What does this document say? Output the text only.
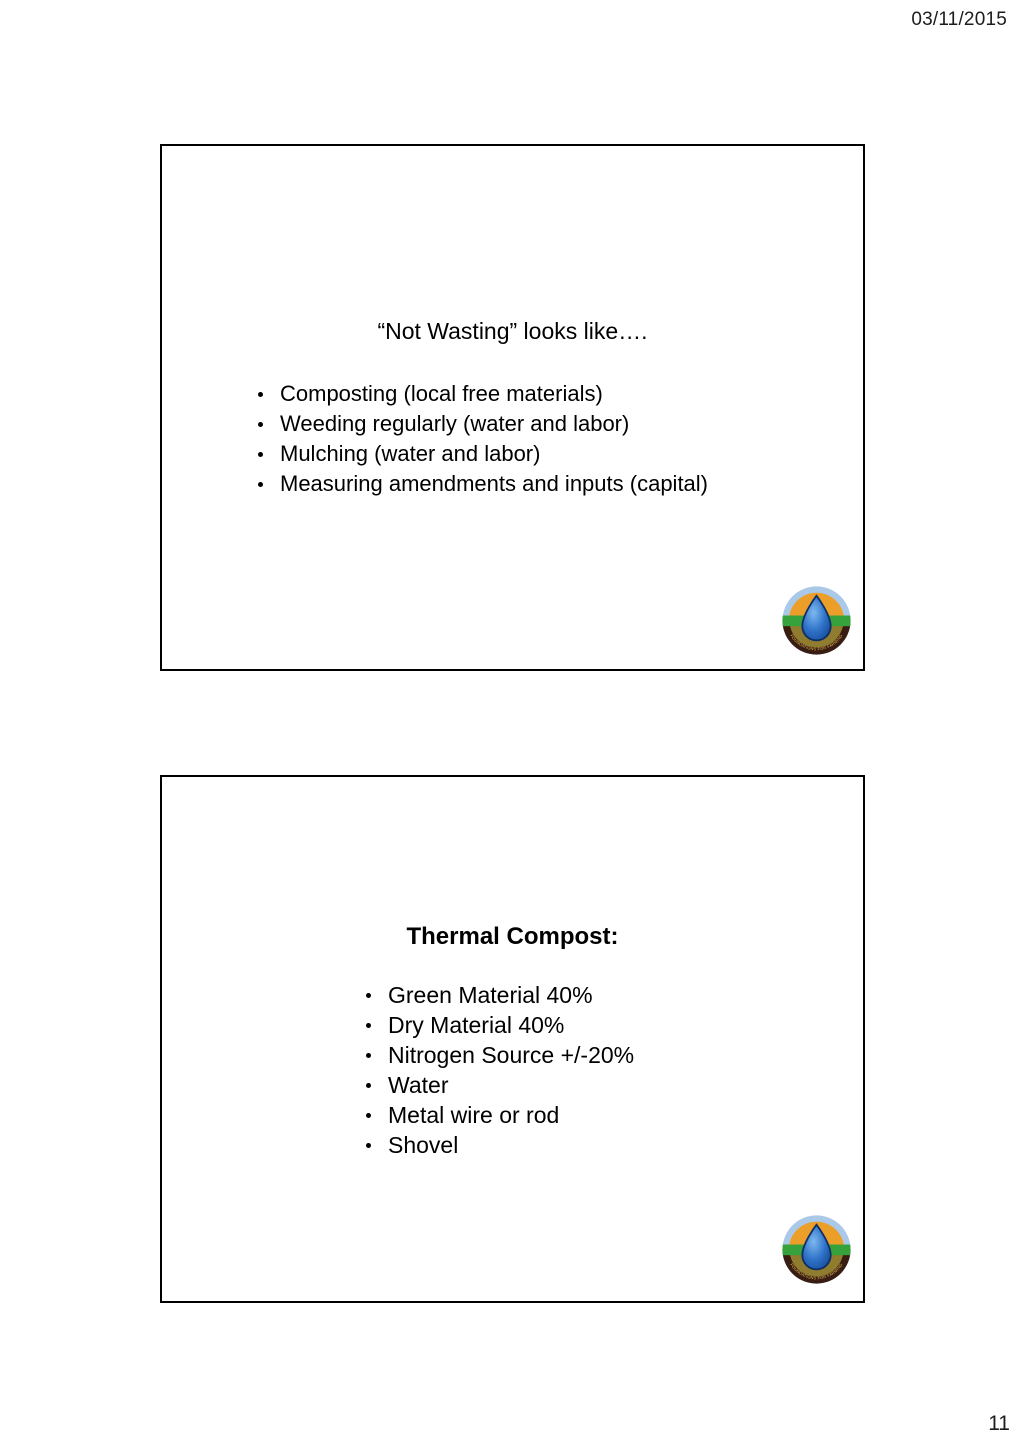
03/11/2015
“Not Wasting” looks like….
Composting (local free materials)
Weeding regularly (water and labor)
Mulching (water and labor)
Measuring amendments and inputs (capital)
FOUNDATIONS FOR FARMING
Thermal Compost:
Green Material 40%
Dry Material 40%
Nitrogen Source +/-20%
Water
Metal wire or rod
Shovel
FOUNDATIONS FOR FARMING
11
